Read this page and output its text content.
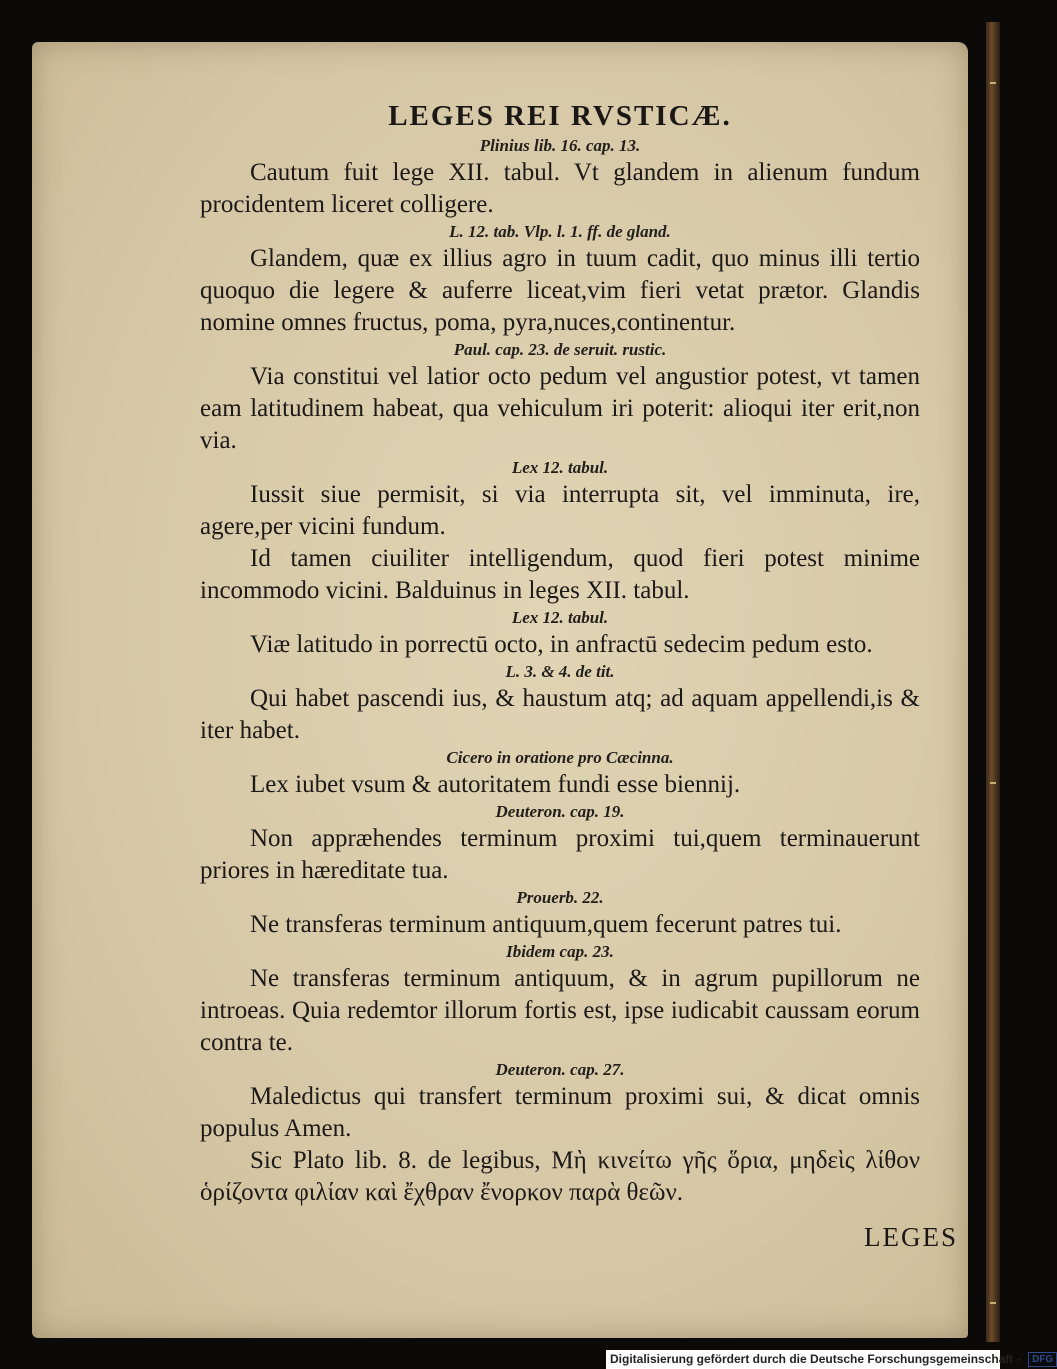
LEGES REI RVSTICÆ.

Plinius lib. 16. cap. 13.

Cautum fuit lege XII. tabul. Vt glandem in alienum fundum procidentem liceret colligere.

L. 12. tab. Vlp. l. 1. ff. de gland.

Glandem, quæ ex illius agro in tuum cadit, quo minus illi tertio quoquo die legere & auferre liceat,vim fieri vetat prætor. Glandis nomine omnes fructus, poma, pyra,nuces,continentur.

Paul. cap. 23. de seruit. rustic.

Via constitui vel latior octo pedum vel angustior potest, vt tamen eam latitudinem habeat, qua vehiculum iri poterit: alioqui iter erit,non via.

Lex 12. tabul.

Iussit siue permisit, si via interrupta sit, vel imminuta, ire, agere,per vicini fundum.

Id tamen ciuiliter intelligendum, quod fieri potest minime incommodo vicini. Balduinus in leges XII. tabul.

Lex 12. tabul.

Viæ latitudo in porrectū octo, in anfractū sedecim pedum esto.

L. 3. & 4. de tit.

Qui habet pascendi ius, & haustum atq; ad aquam appellendi,is & iter habet.

Cicero in oratione pro Cæcinna.

Lex iubet vsum & autoritatem fundi esse biennij.

Deuteron. cap. 19.

Non appræhendes terminum proximi tui,quem terminauerunt priores in hæreditate tua.

Prouerb. 22.

Ne transferas terminum antiquum,quem fecerunt patres tui.

Ibidem cap. 23.

Ne transferas terminum antiquum, & in agrum pupillorum ne introeas. Quia redemtor illorum fortis est, ipse iudicabit caussam eorum contra te.

Deuteron. cap. 27.

Maledictus qui transfert terminum proximi sui, & dicat omnis populus Amen.

Sic Plato lib. 8. de legibus, Μὴ κινείτω γῆς ὅρια, μηδεὶς λίθον ὁρίζοντα φιλίαν καὶ ἔχθραν ἔνορκον παρὰ θεῶν.

LEGES
Digitalisierung gefördert durch die Deutsche Forschungsgemeinschaft - DFG
